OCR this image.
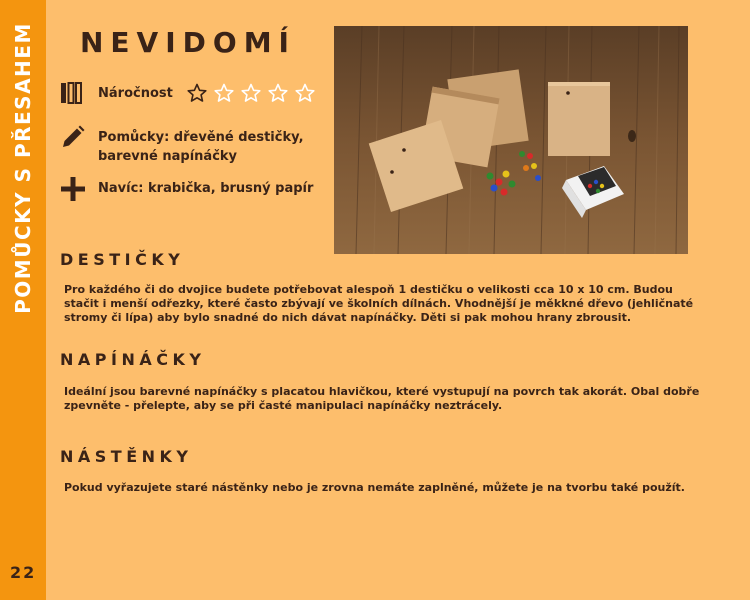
POMŮCKY S PŘESAHEM
22
NEVIDOMÍ
Náročnost
Pomůcky: dřevěné destičky, barevné napínáčky
Navíc: krabička, brusný papír
DESTIČKY

Pro každého či do dvojice budete potřebovat alespoň 1 destičku o velikosti cca 10 x 10 cm. Budou stačit i menší odřezky, které často zbývají ve školních dílnách. Vhodnější je měkkné dřevo (jehličnaté stromy či lípa) aby bylo snadné do nich dávat napínáčky. Děti si pak mohou hrany zbrousit.

NAPÍNÁČKY

Ideální jsou barevné napínáčky s placatou hlavičkou, které vystupují na povrch tak akorát. Obal dobře zpevněte - přelepte, aby se při časté manipulaci napínáčky neztrácely.

NÁSTĚNKY

Pokud vyřazujete staré nástěnky nebo je zrovna nemáte zaplněné, můžete je na tvorbu také použít.
